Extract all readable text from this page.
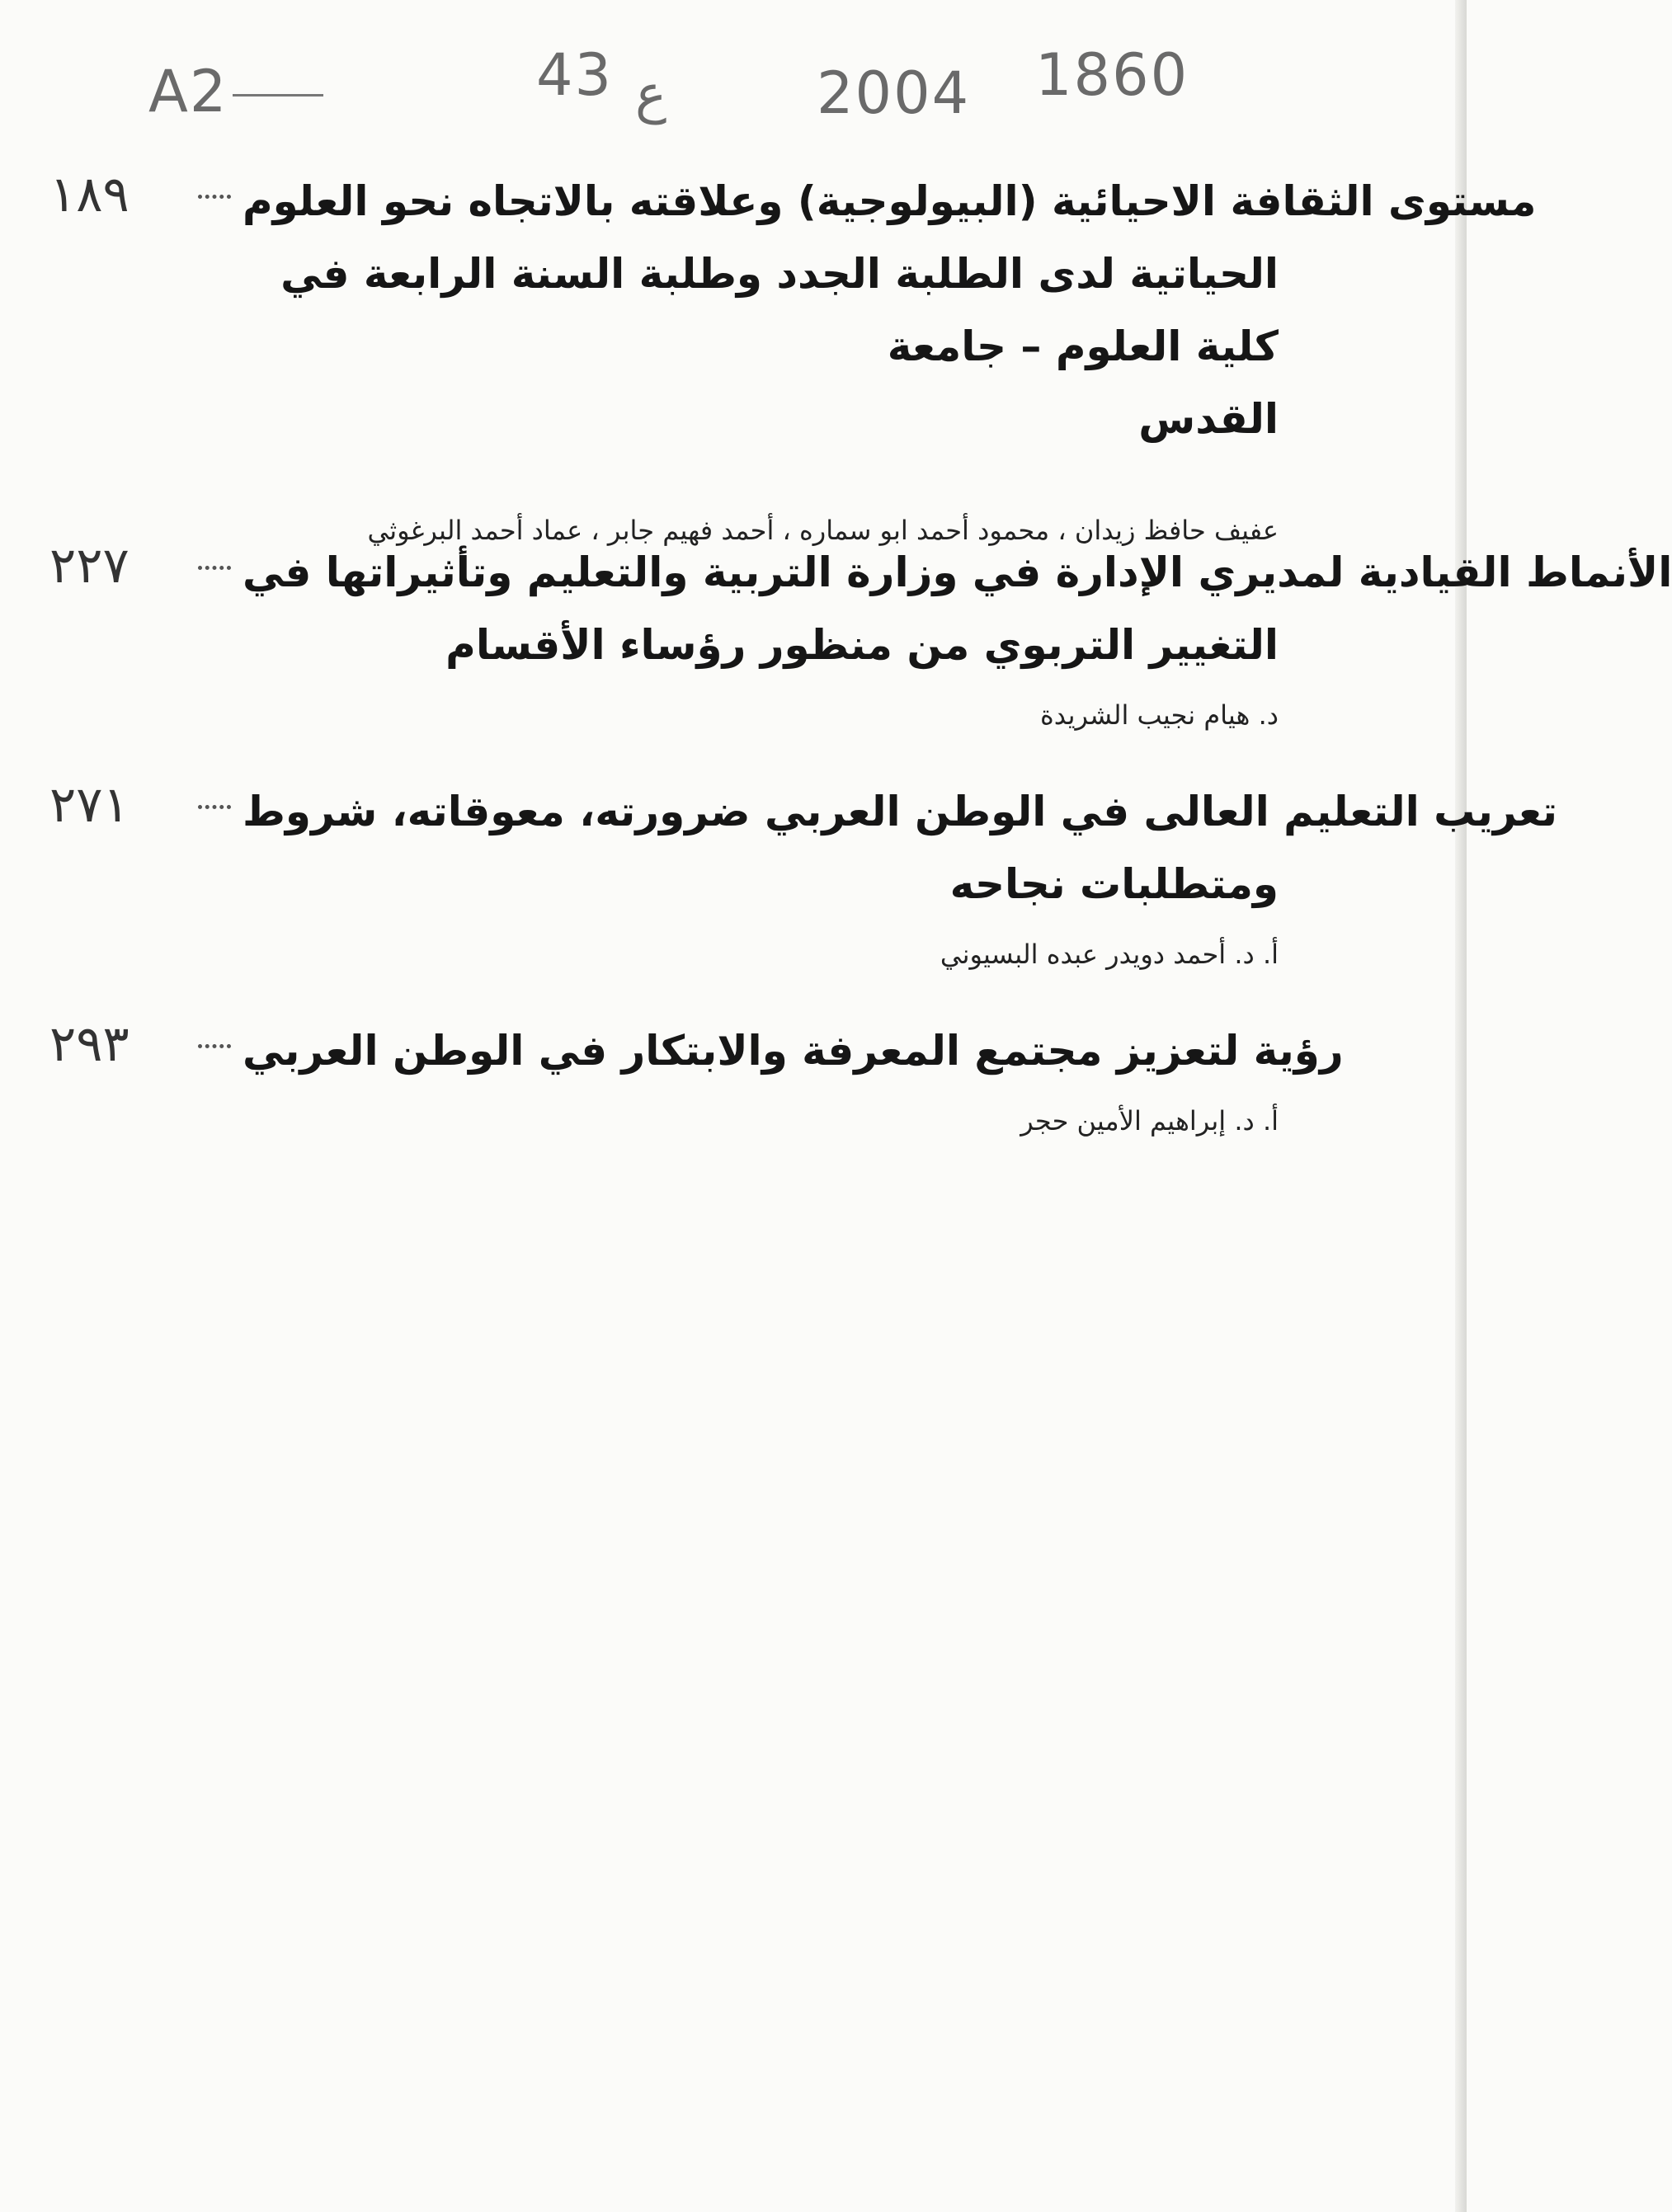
A2	43 ع	2004 1860
١٨٩	مستوى الثقافة الاحيائية (البيولوجية) وعلاقته بالاتجاه نحو العلوم
الحياتية لدى الطلبة الجدد وطلبة السنة الرابعة في كلية العلوم – جامعة
القدس
عفيف حافظ زيدان ، محمود أحمد ابو سماره ، أحمد فهيم جابر ، عماد أحمد البرغوثي
٢٢٧	الأنماط القيادية لمديري الإدارة في وزارة التربية والتعليم وتأثيراتها في
التغيير التربوي من منظور رؤساء الأقسام
د. هيام نجيب الشريدة
٢٧١	تعريب التعليم العالى في الوطن العربي ضرورته، معوقاته، شروط
ومتطلبات نجاحه
أ. د. أحمد دويدر عبده البسيوني
٢٩٣	رؤية لتعزيز مجتمع المعرفة والابتكار في الوطن العربي
أ. د. إبراهيم الأمين حجر
